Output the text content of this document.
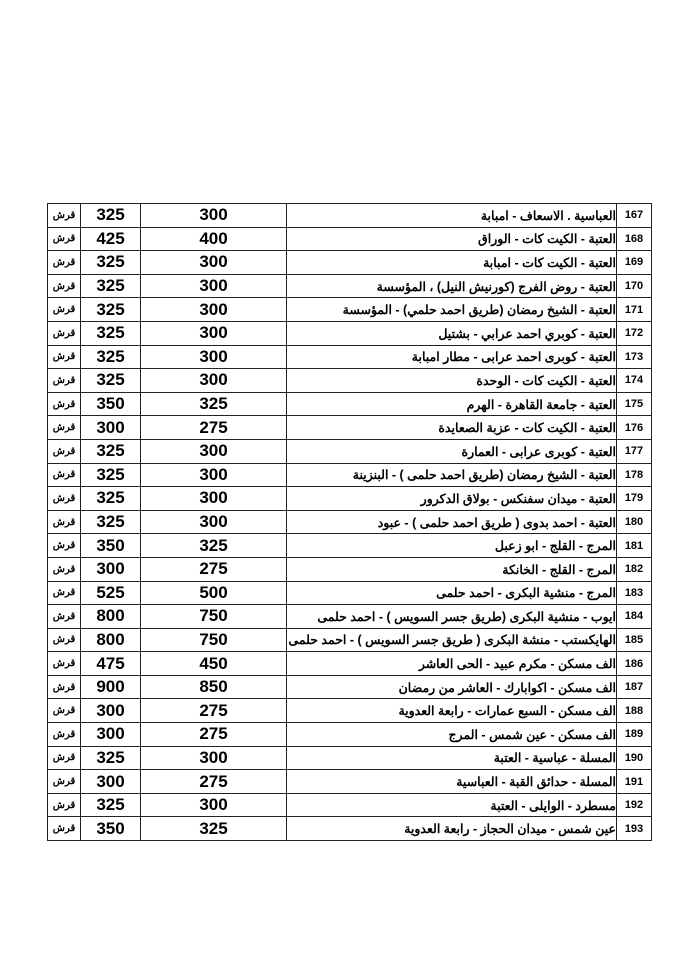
قرش	325	300	العباسية . الاسعاف - امبابة	167
قرش	425	400	العتبة - الكيت كات - الوراق	168
قرش	325	300	العتبة - الكيت كات - امبابة	169
قرش	325	300	العتبة - روض الفرج (كورنيش النيل) ، المؤسسة	170
قرش	325	300	العتبة - الشيخ رمضان (طريق احمد حلمي) - المؤسسة	171
قرش	325	300	العتبة - كوبري احمد عرابي - بشتيل	172
قرش	325	300	العتبة - كوبرى احمد عرابى - مطار امبابة	173
قرش	325	300	العتبة - الكيت كات - الوحدة	174
قرش	350	325	العتبة - جامعة القاهرة - الهرم	175
قرش	300	275	العتبة - الكيت كات - عزبة الصعايدة	176
قرش	325	300	العتبة - كوبرى عرابى - العمارة	177
قرش	325	300	العتبة - الشيخ رمضان (طريق احمد حلمى ) - البنزينة	178
قرش	325	300	العتبة - ميدان سفنكس - بولاق الدكرور	179
قرش	325	300	العتبة - احمد بدوى ( طريق احمد حلمى ) - عبود	180
قرش	350	325	المرج - القلج - ابو زعبل	181
قرش	300	275	المرج - القلج - الخانكة	182
قرش	525	500	المرج - منشية البكرى - احمد حلمى	183
قرش	800	750	ايوب - منشية البكرى (طريق جسر السويس ) - احمد حلمى	184
قرش	800	750	الهايكستب - منشة البكرى ( طريق جسر السويس ) - احمد حلمى	185
قرش	475	450	الف مسكن - مكرم عبيد - الحى العاشر	186
قرش	900	850	الف مسكن - اكوابارك - العاشر من رمضان	187
قرش	300	275	الف مسكن - السبع عمارات - رابعة العدوية	188
قرش	300	275	الف مسكن - عين شمس - المرج	189
قرش	325	300	المسلة - عباسية - العتبة	190
قرش	300	275	المسلة - حدائق القبة - العباسية	191
قرش	325	300	مسطرد - الوايلى - العتبة	192
قرش	350	325	عين شمس - ميدان الحجاز - رابعة العدوية	193
